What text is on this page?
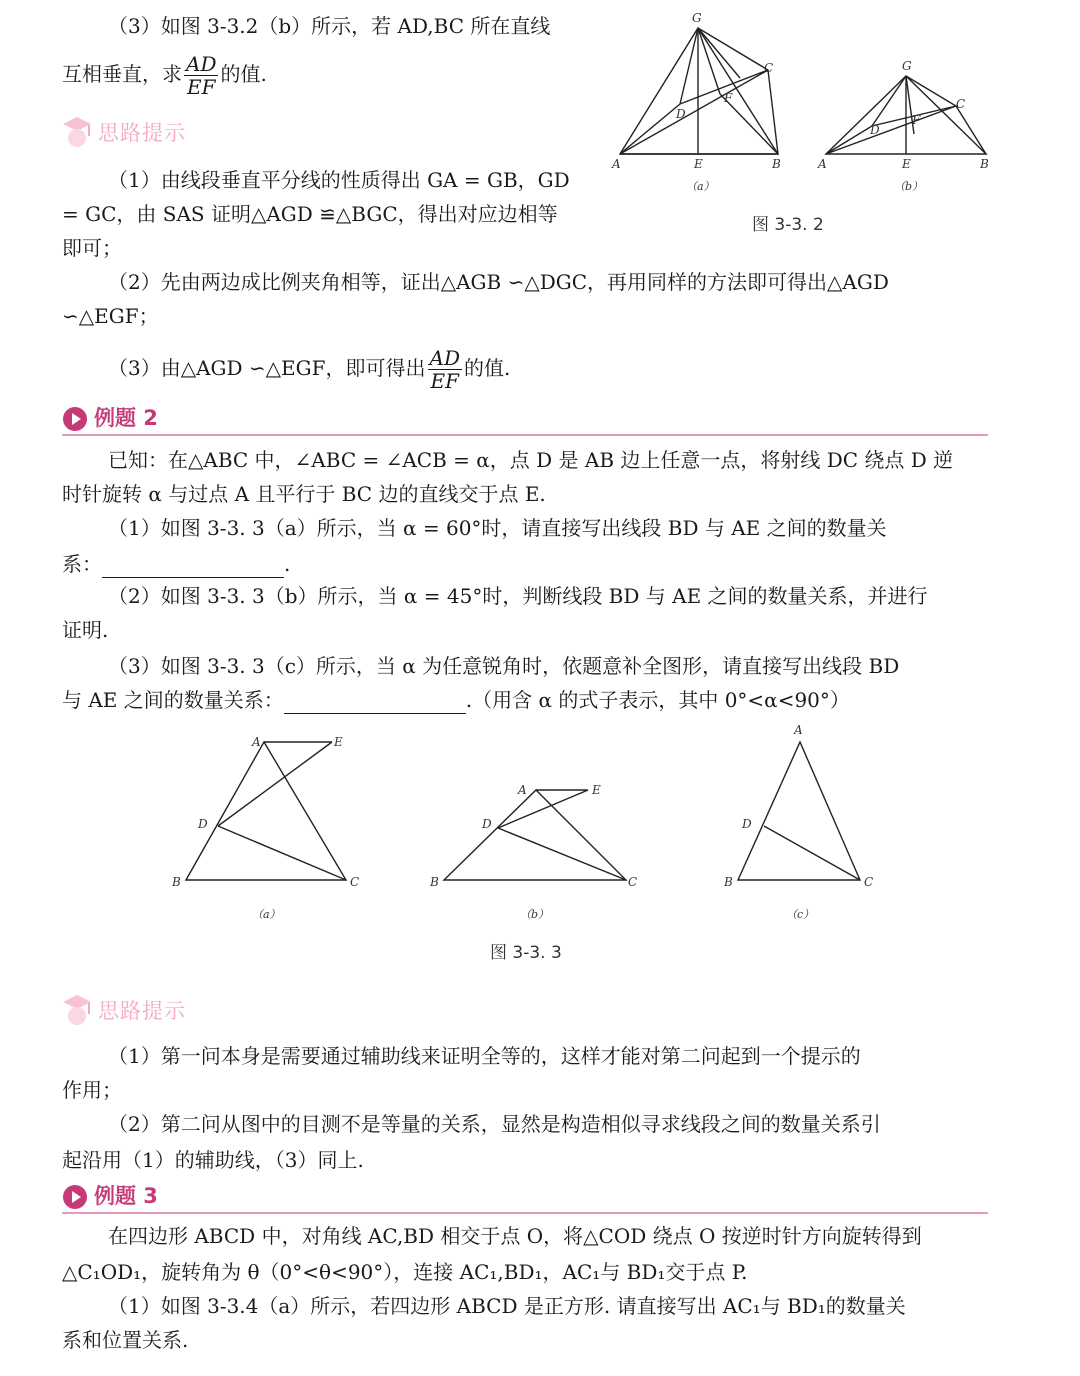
（3）如图 3-3.2（b）所示，若 AD,BC 所在直线
互相垂直，求 $\frac{AD}{EF}$ 的值.
G
C
D
F
A	E	B
G
C
D
F
A	E	B
（a）	（b）
图 3-3. 2
思路提示
（1）由线段垂直平分线的性质得出 GA = GB，GD
= GC，由 SAS 证明△AGD ≌△BGC，得出对应边相等
即可；
（2）先由两边成比例夹角相等，证出△AGB ∽△DGC，再用同样的方法即可得出△AGD
∽△EGF；
（3）由△AGD ∽△EGF，即可得出 $\frac{AD}{EF}$ 的值.
例题 2
已知：在△ABC 中，∠ABC = ∠ACB = α，点 D 是 AB 边上任意一点，将射线 DC 绕点 D 逆
时针旋转 α 与过点 A 且平行于 BC 边的直线交于点 E.
（1）如图 3-3. 3（a）所示，当 α = 60°时，请直接写出线段 BD 与 AE 之间的数量关
系：	.
（2）如图 3-3. 3（b）所示，当 α = 45°时，判断线段 BD 与 AE 之间的数量关系，并进行
证明.
（3）如图 3-3. 3（c）所示，当 α 为任意锐角时，依题意补全图形，请直接写出线段 BD
与 AE 之间的数量关系：	.（用含 α 的式子表示，其中 0°<α<90°）
A	E
D
B	C
A	E
D
B	C
A
D
B	C
（a）	（b）	（c）
图 3-3. 3
思路提示
（1）第一问本身是需要通过辅助线来证明全等的，这样才能对第二问起到一个提示的
作用；
（2）第二问从图中的目测不是等量的关系，显然是构造相似寻求线段之间的数量关系引
起沿用（1）的辅助线，（3）同上.
例题 3
在四边形 ABCD 中，对角线 AC,BD 相交于点 O，将△COD 绕点 O 按逆时针方向旋转得到
△C₁OD₁，旋转角为 θ（0°<θ<90°），连接 AC₁,BD₁，AC₁与 BD₁交于点 P.
（1）如图 3-3.4（a）所示，若四边形 ABCD 是正方形. 请直接写出 AC₁与 BD₁的数量关
系和位置关系.
